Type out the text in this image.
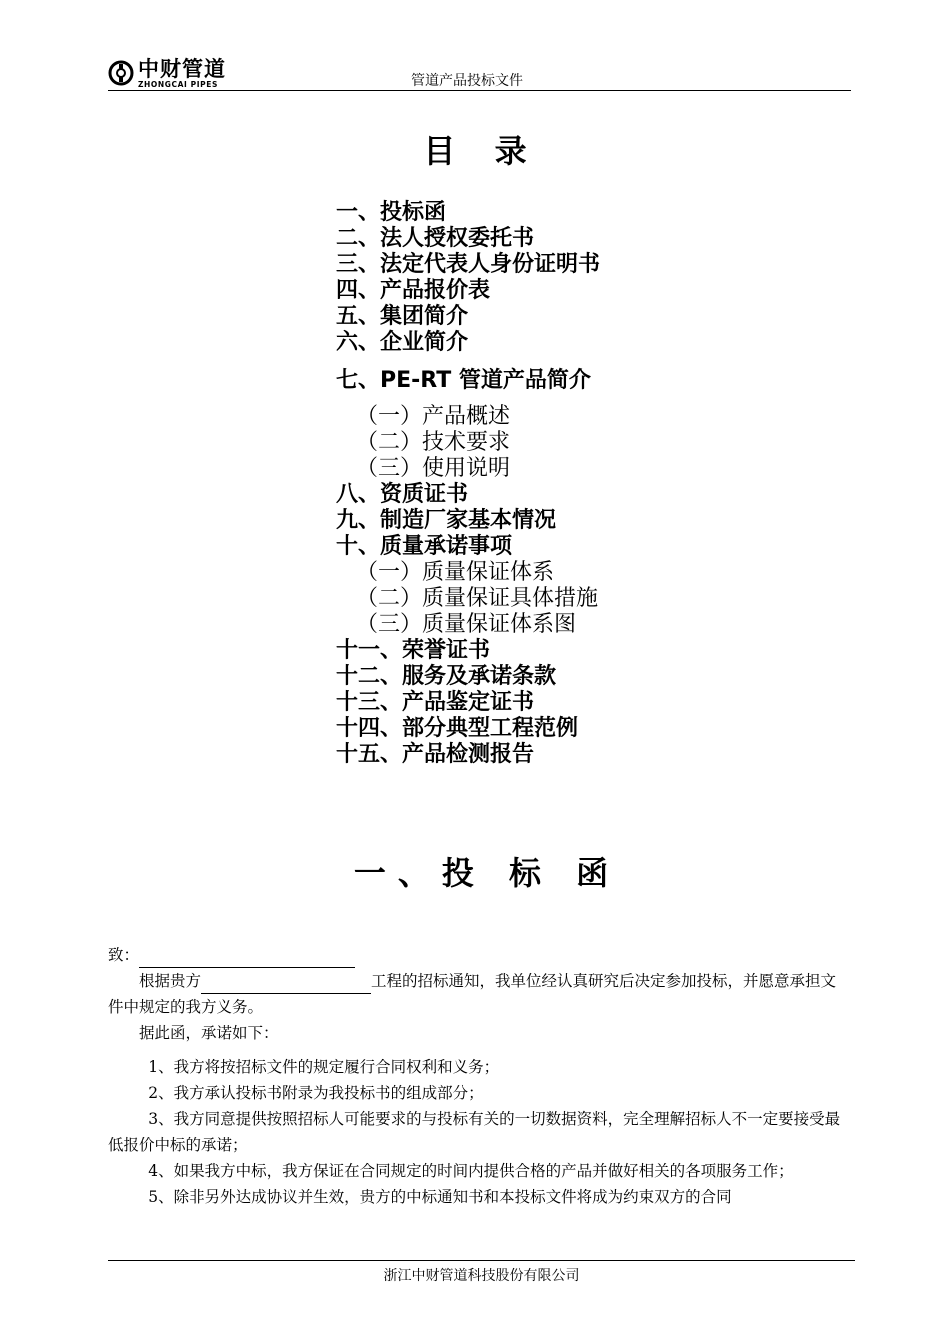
中财管道
ZHONGCAI PIPES	管道产品投标文件
目 录
一、投标函
二、法人授权委托书
三、法定代表人身份证明书
四、产品报价表
五、集团简介
六、企业简介
七、PE-RT 管道产品简介
（一）产品概述
（二）技术要求
（三）使用说明
八、资质证书
九、制造厂家基本情况
十、质量承诺事项
（一）质量保证体系
（二）质量保证具体措施
（三）质量保证体系图
十一、荣誉证书
十二、服务及承诺条款
十三、产品鉴定证书
十四、部分典型工程范例
十五、产品检测报告
一、投 标 函
致：
根据贵方	工程的招标通知，我单位经认真研究后决定参加投标，并愿意承担文件中规定的我方义务。
据此函，承诺如下：

1、我方将按招标文件的规定履行合同权利和义务；

2、我方承认投标书附录为我投标书的组成部分；

3、我方同意提供按照招标人可能要求的与投标有关的一切数据资料，完全理解招标人不一定要接受最低报价中标的承诺；

4、如果我方中标，我方保证在合同规定的时间内提供合格的产品并做好相关的各项服务工作；

5、除非另外达成协议并生效，贵方的中标通知书和本投标文件将成为约束双方的合同

浙江中财管道科技股份有限公司
